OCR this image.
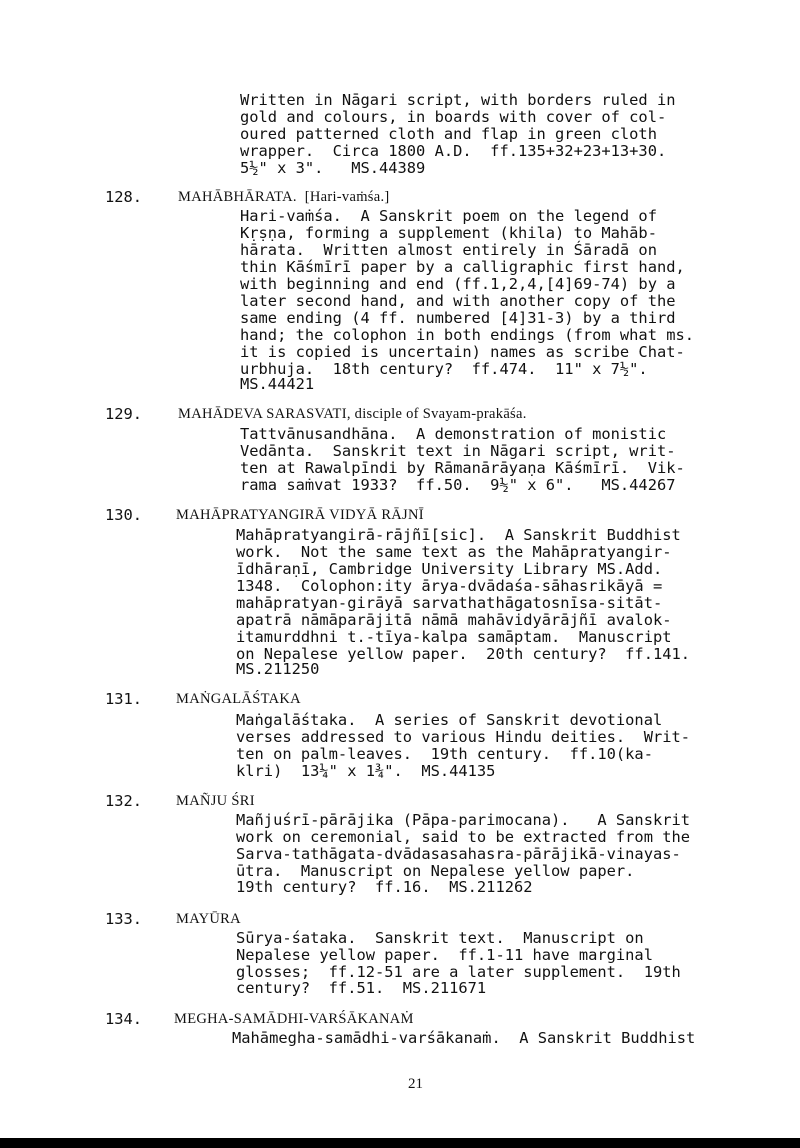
Written in Nāgari script, with borders ruled in
gold and colours, in boards with cover of col-
oured patterned cloth and flap in green cloth
wrapper.  Circa 1800 A.D.  ff.135+32+23+13+30.
5½" x 3".   MS.44389
128. MAHĀBHĀRATA.  [Hari-vaṁśa.]
Hari-vaṁśa.  A Sanskrit poem on the legend of
Kṛṣṇa, forming a supplement (khila) to Mahāb-
hārata.  Written almost entirely in Śāradā on
thin Kāśmīrī paper by a calligraphic first hand,
with beginning and end (ff.1,2,4,[4]69-74) by a
later second hand, and with another copy of the
same ending (4 ff. numbered [4]31-3) by a third
hand; the colophon in both endings (from what ms.
it is copied is uncertain) names as scribe Chat-
urbhuja.  18th century?  ff.474.  11" x 7½".
MS.44421
129. MAHĀDEVA SARASVATI, disciple of Svayam-prakāśa.
Tattvānusandhāna.  A demonstration of monistic
Vedānta.  Sanskrit text in Nāgari script, writ-
ten at Rawalpīndi by Rāmanārāyaṇa Kāśmīrī.  Vik-
rama saṁvat 1933?  ff.50.  9½" x 6".   MS.44267
130. MAHĀPRATYANGIRĀ VIDYĀ RĀJNĪ
Mahāpratyangirā-rājñī[sic].  A Sanskrit Buddhist
work.  Not the same text as the Mahāpratyangir-
īdhāraṇī, Cambridge University Library MS.Add.
1348.  Colophon:ity ārya-dvādaśa-sāhasrikāyā =
mahāpratyan-girāyā sarvathathāgatosnīsa-sitāt-
apatrā nāmāparājitā nāmā mahāvidyārājñī avalok-
itamurddhni t.-tīya-kalpa samāptam.  Manuscript
on Nepalese yellow paper.  20th century?  ff.141.
MS.211250
131. MAṄGALĀŚTAKA
Maṅgalāśtaka.  A series of Sanskrit devotional
verses addressed to various Hindu deities.  Writ-
ten on palm-leaves.  19th century.  ff.10(ka-
klri)  13¼" x 1¾".  MS.44135
132. MAÑJU ŚRI
Mañjuśrī-pārājika (Pāpa-parimocana).   A Sanskrit
work on ceremonial, said to be extracted from the
Sarva-tathāgata-dvādasasahasra-pārājikā-vinayas-
ūtra.  Manuscript on Nepalese yellow paper.
19th century?  ff.16.  MS.211262
133. MAYŪRA
Sūrya-śataka.  Sanskrit text.  Manuscript on
Nepalese yellow paper.  ff.1-11 have marginal
glosses;  ff.12-51 are a later supplement.  19th
century?  ff.51.  MS.211671
134. MEGHA-SAMĀDHI-VARŚĀKANAṀ
Mahāmegha-samādhi-varśākanaṁ.  A Sanskrit Buddhist
21
